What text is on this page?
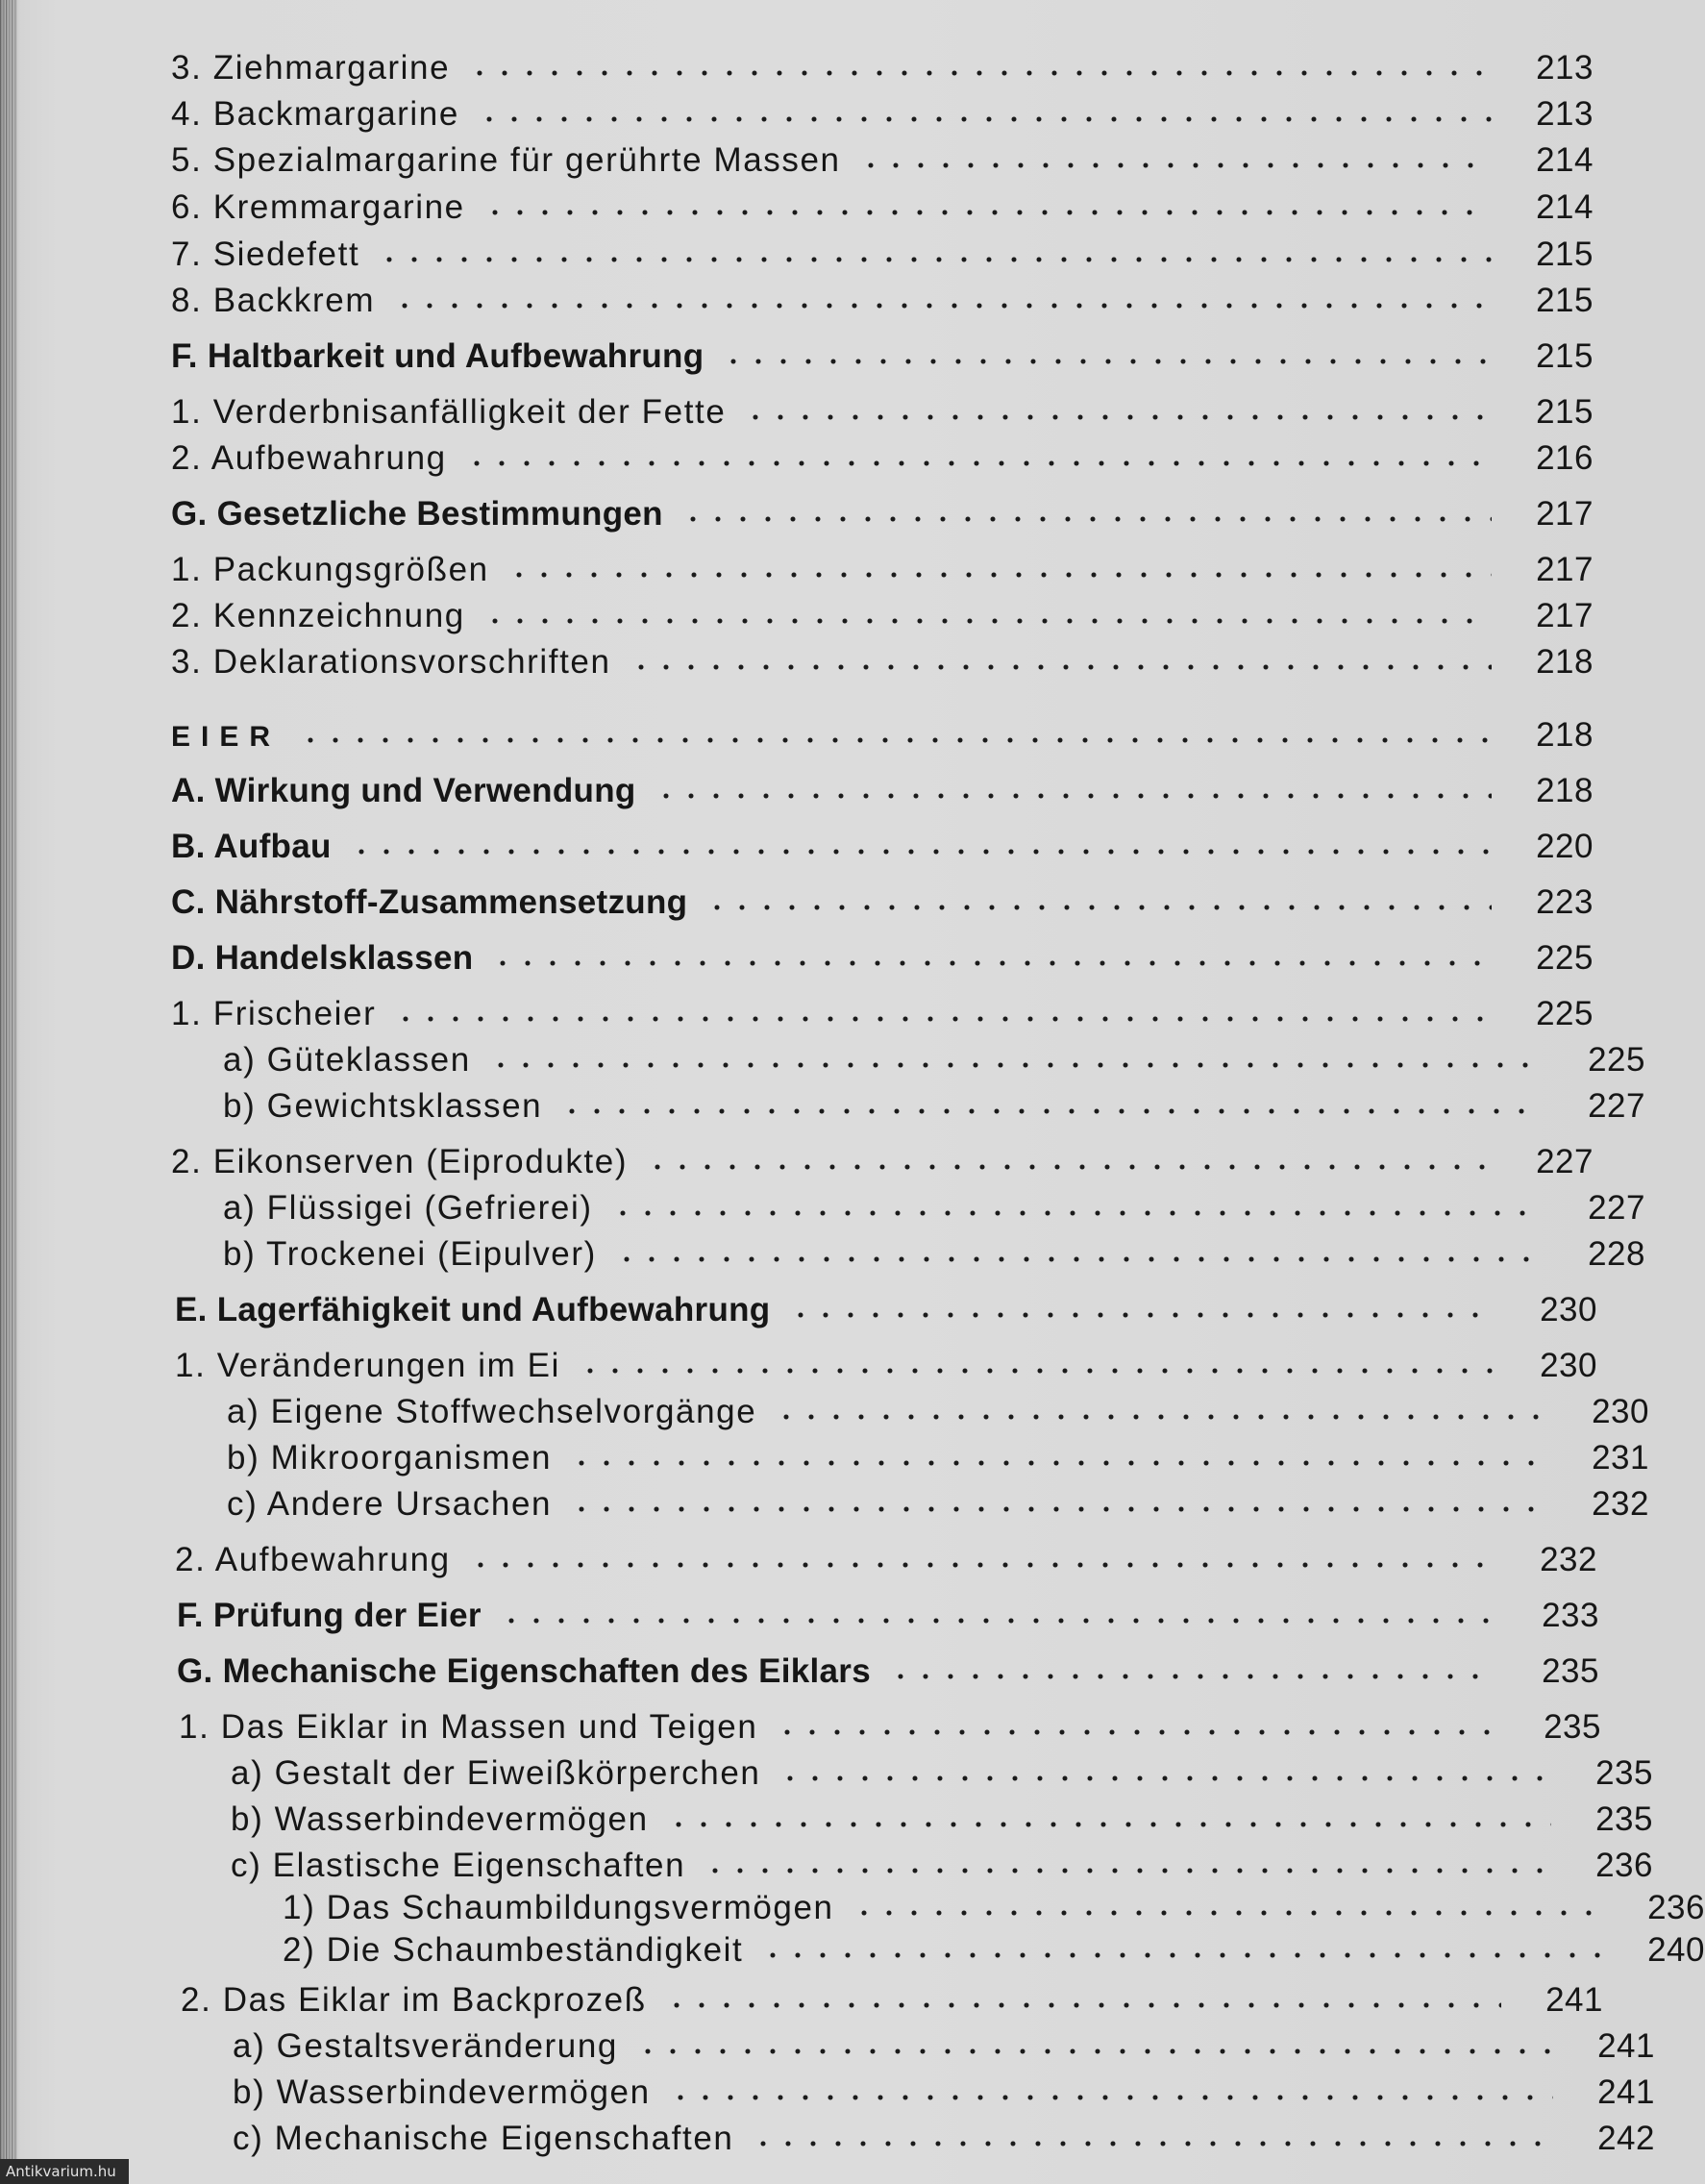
3. Ziehmargarine	213
4. Backmargarine	213
5. Spezialmargarine für gerührte Massen	214
6. Kremmargarine	214
7. Siedefett	215
8. Backkrem	215
F. Haltbarkeit und Aufbewahrung	215
1. Verderbnisanfälligkeit der Fette	215
2. Aufbewahrung	216
G. Gesetzliche Bestimmungen	217
1. Packungsgrößen	217
2. Kennzeichnung	217
3. Deklarationsvorschriften	218
EIER	218
A. Wirkung und Verwendung	218
B. Aufbau	220
C. Nährstoff-Zusammensetzung	223
D. Handelsklassen	225
1. Frischeier	225
a) Güteklassen	225
b) Gewichtsklassen	227
2. Eikonserven (Eiprodukte)	227
a) Flüssigei (Gefrierei)	227
b) Trockenei (Eipulver)	228
E. Lagerfähigkeit und Aufbewahrung	230
1. Veränderungen im Ei	230
a) Eigene Stoffwechselvorgänge	230
b) Mikroorganismen	231
c) Andere Ursachen	232
2. Aufbewahrung	232
F. Prüfung der Eier	233
G. Mechanische Eigenschaften des Eiklars	235
1. Das Eiklar in Massen und Teigen	235
a) Gestalt der Eiweißkörperchen	235
b) Wasserbindevermögen	235
c) Elastische Eigenschaften	236
1) Das Schaumbildungsvermögen	236
2) Die Schaumbeständigkeit	240
2. Das Eiklar im Backprozeß	241
a) Gestaltsveränderung	241
b) Wasserbindevermögen	241
c) Mechanische Eigenschaften	242
Antikvarium.hu
